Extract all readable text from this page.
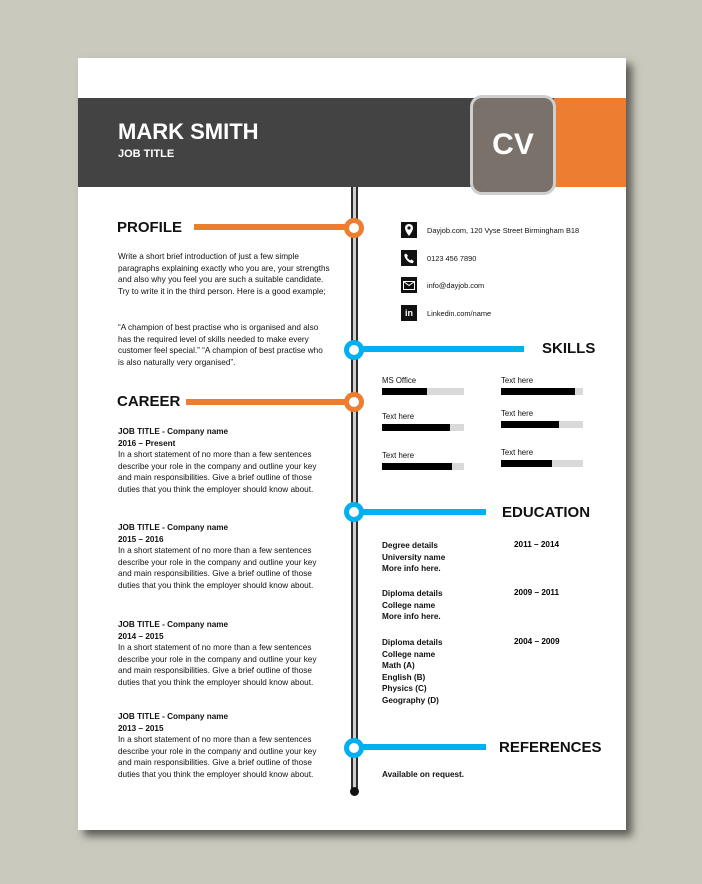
MARK SMITH
JOB TITLE	CV
PROFILE
Write a short brief introduction of just a few simple paragraphs explaining exactly who you are, your strengths and also why you feel you are such a suitable candidate. Try to write it in the third person. Here is a good example;
“A champion of best practise who is organised and also has the required level of skills needed to make every customer feel special.” “A champion of best practise who is also naturally very organised”.
CAREER
JOB TITLE - Company name
2016 – Present
In a short statement of no more than a few sentences describe your role in the company and outline your key and main responsibilities. Give a brief outline of those duties that you think the employer should know about.
JOB TITLE - Company name
2015 – 2016
In a short statement of no more than a few sentences describe your role in the company and outline your key and main responsibilities. Give a brief outline of those duties that you think the employer should know about.
JOB TITLE - Company name
2014 – 2015
In a short statement of no more than a few sentences describe your role in the company and outline your key and main responsibilities. Give a brief outline of those duties that you think the employer should know about.
JOB TITLE - Company name
2013 – 2015
In a short statement of no more than a few sentences describe your role in the company and outline your key and main responsibilities. Give a brief outline of those duties that you think the employer should know about.
Dayjob.com, 120 Vyse Street Birmingham B18
0123 456 7890
info@dayjob.com
in	Linkedin.com/name
SKILLS
MS Office	Text here
Text here	Text here
Text here	Text here
EDUCATION
Degree details	2011 – 2014
University name
More info here.
Diploma details	2009 – 2011
College name
More info here.
Diploma details	2004 – 2009
College name
Math (A)
English (B)
Physics (C)
Geography (D)
REFERENCES
Available on request.
